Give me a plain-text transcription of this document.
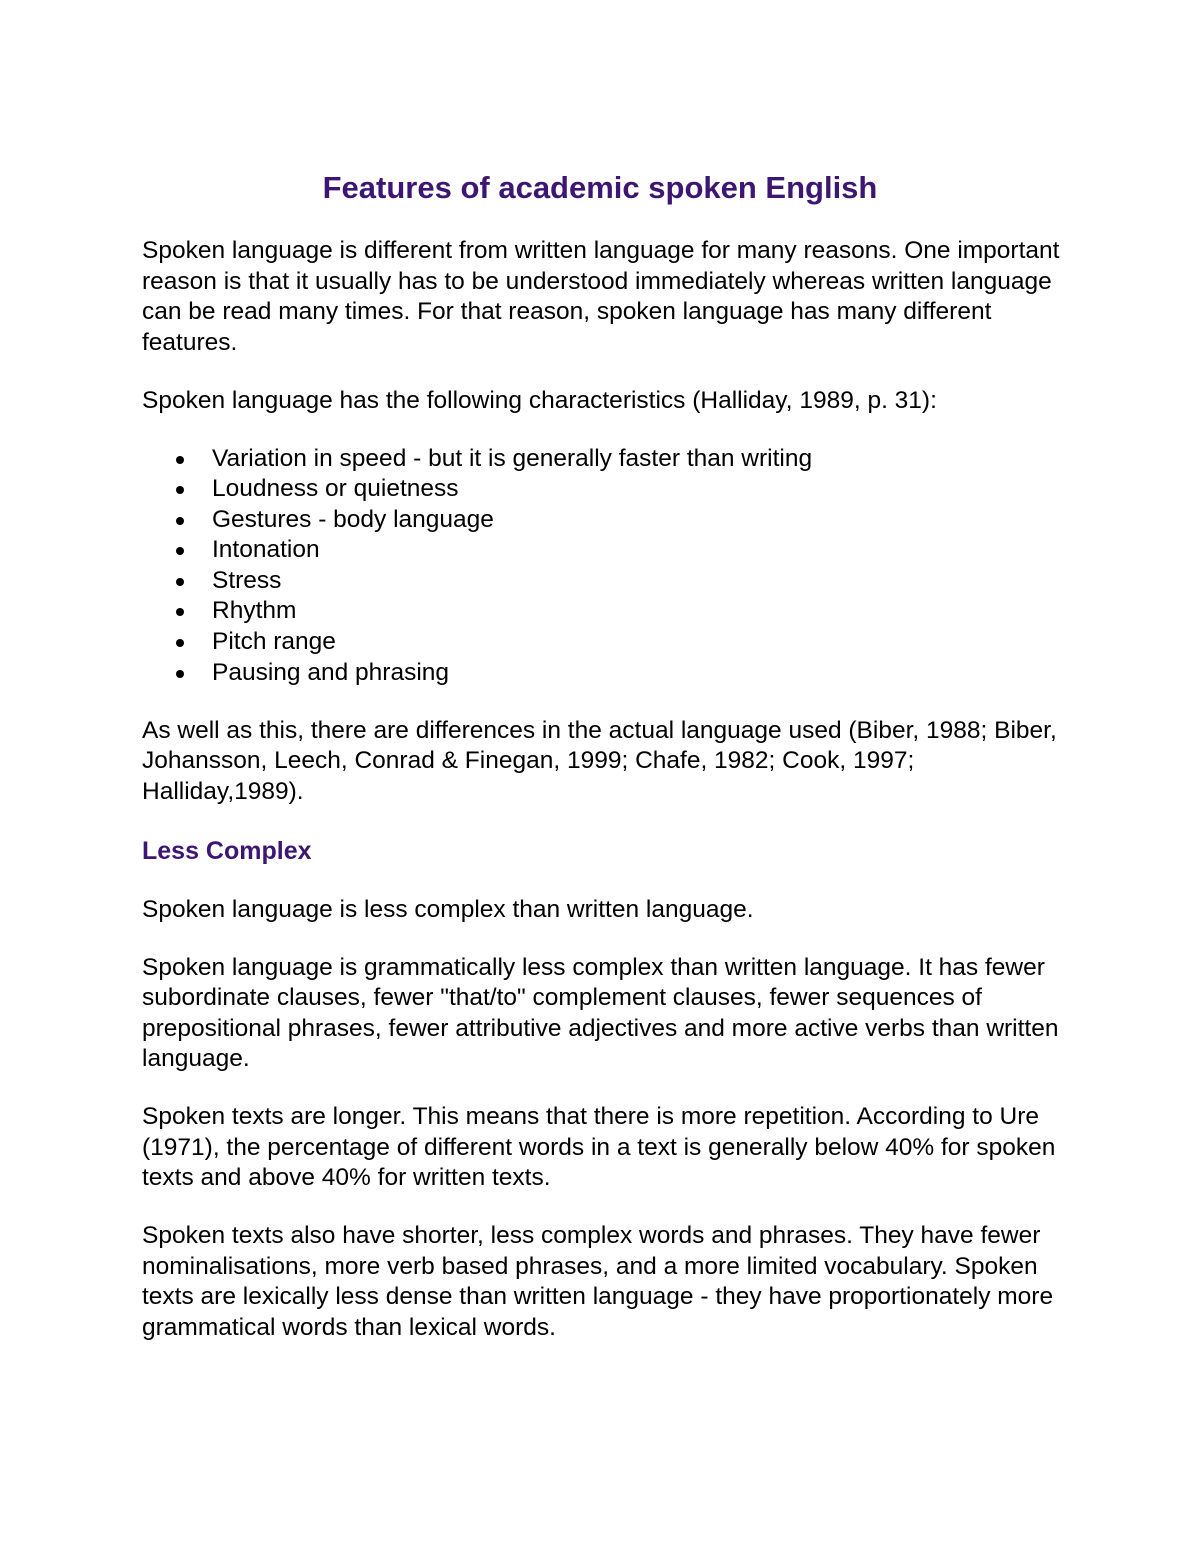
Features of academic spoken English

Spoken language is different from written language for many reasons. One important reason is that it usually has to be understood immediately whereas written language can be read many times. For that reason, spoken language has many different features.

Spoken language has the following characteristics (Halliday, 1989, p. 31):

Variation in speed - but it is generally faster than writing
Loudness or quietness
Gestures - body language
Intonation
Stress
Rhythm
Pitch range
Pausing and phrasing

As well as this, there are differences in the actual language used (Biber, 1988; Biber, Johansson, Leech, Conrad & Finegan, 1999; Chafe, 1982; Cook, 1997; Halliday,1989).

Less Complex

Spoken language is less complex than written language.

Spoken language is grammatically less complex than written language. It has fewer subordinate clauses, fewer "that/to" complement clauses, fewer sequences of prepositional phrases, fewer attributive adjectives and more active verbs than written language.

Spoken texts are longer. This means that there is more repetition. According to Ure (1971), the percentage of different words in a text is generally below 40% for spoken texts and above 40% for written texts.

Spoken texts also have shorter, less complex words and phrases. They have fewer nominalisations, more verb based phrases, and a more limited vocabulary. Spoken texts are lexically less dense than written language - they have proportionately more grammatical words than lexical words.
